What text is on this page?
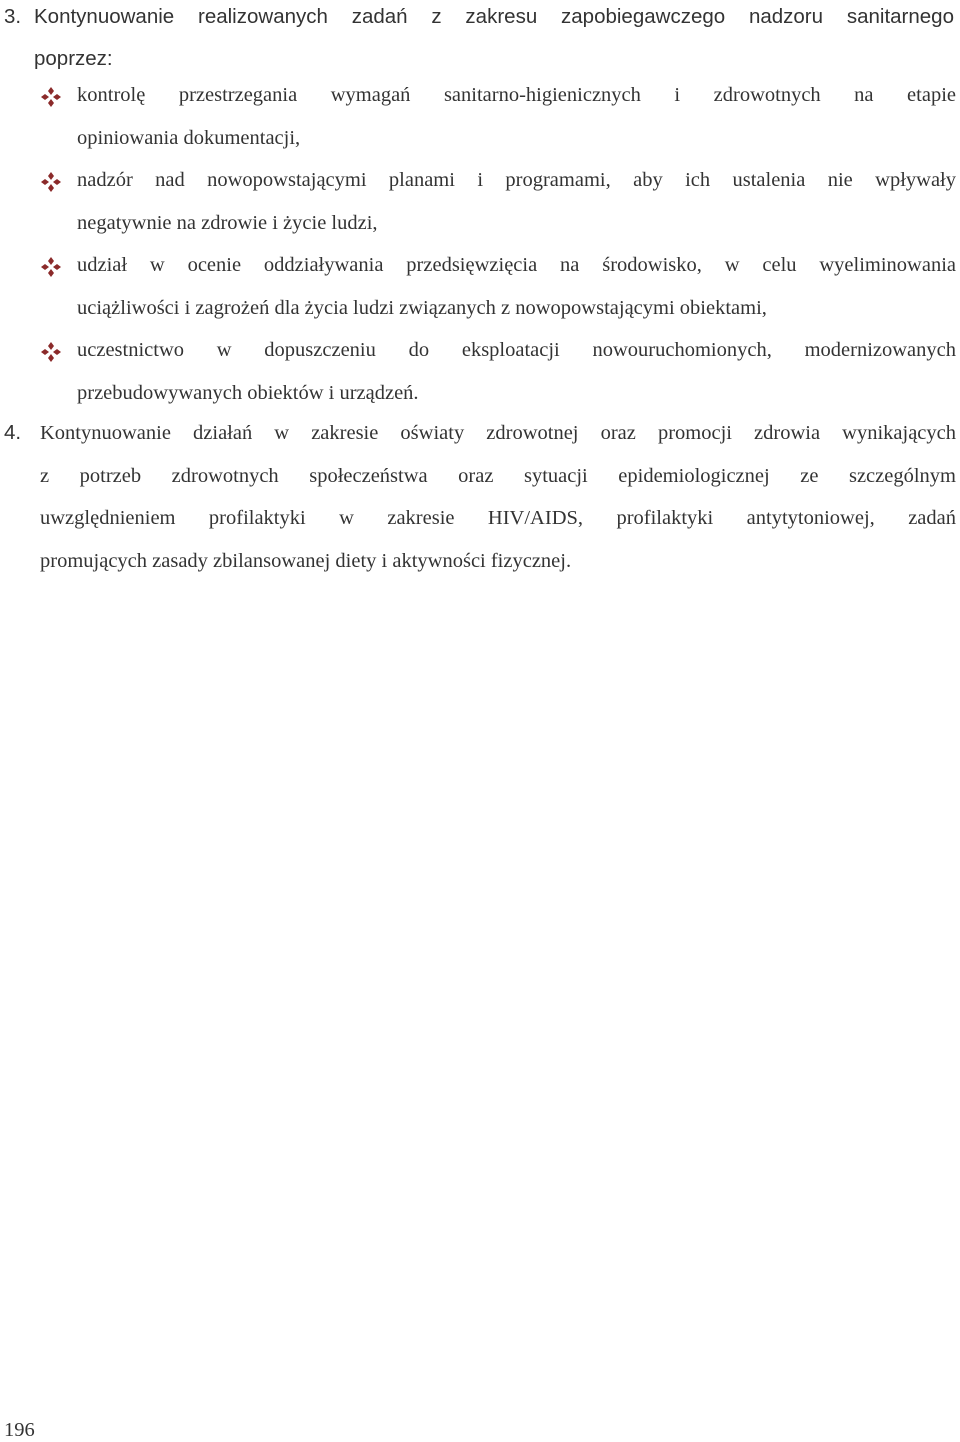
3. Kontynuowanie realizowanych zadań z zakresu zapobiegawczego nadzoru sanitarnego
poprzez:
kontrolę przestrzegania wymagań sanitarno-higienicznych i zdrowotnych na etapie
opiniowania dokumentacji,
nadzór nad nowopowstającymi planami i programami, aby ich ustalenia nie wpływały
negatywnie na zdrowie i życie ludzi,
udział w ocenie oddziaływania przedsięwzięcia na środowisko, w celu wyeliminowania
uciążliwości i zagrożeń dla życia ludzi związanych z nowopowstającymi obiektami,
uczestnictwo w dopuszczeniu do eksploatacji nowouruchomionych, modernizowanych
przebudowywanych obiektów i urządzeń.
4. Kontynuowanie działań w zakresie oświaty zdrowotnej oraz promocji zdrowia wynikających
z potrzeb zdrowotnych społeczeństwa oraz sytuacji epidemiologicznej ze szczególnym
uwzględnieniem profilaktyki w zakresie HIV/AIDS, profilaktyki antytytoniowej, zadań
promujących zasady zbilansowanej diety i aktywności fizycznej.
196
